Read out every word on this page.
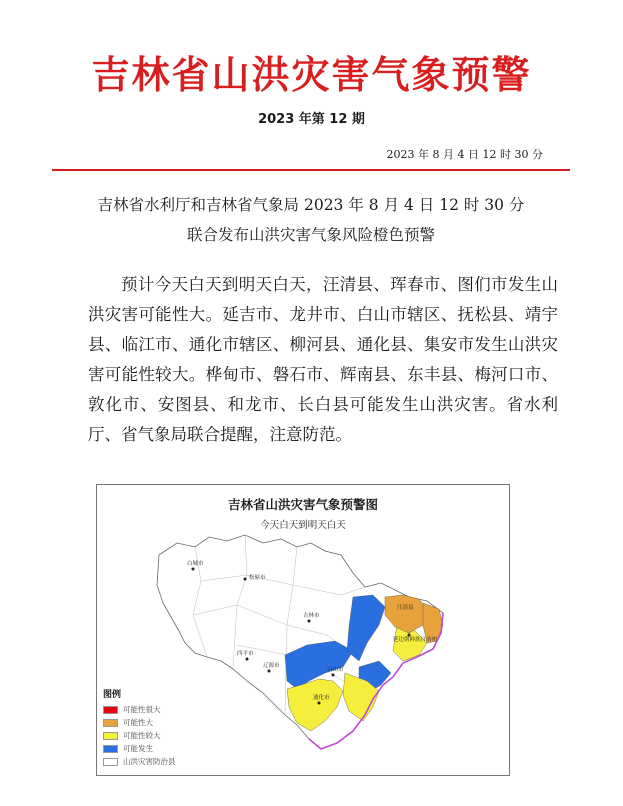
吉林省山洪灾害气象预警
2023 年第 12 期
2023 年 8 月 4 日 12 时 30 分
吉林省水利厅和吉林省气象局 2023 年 8 月 4 日 12 时 30 分
联合发布山洪灾害气象风险橙色预警

预计今天白天到明天白天，汪清县、珲春市、图们市发生山洪灾害可能性大。延吉市、龙井市、白山市辖区、抚松县、靖宇县、临江市、通化市辖区、柳河县、通化县、集安市发生山洪灾害可能性较大。桦甸市、磐石市、辉南县、东丰县、梅河口市、敦化市、安图县、和龙市、长白县可能发生山洪灾害。省水利厅、省气象局联合提醒，注意防范。

白城市
松原市
吉林市
四平市
辽源市
白山市
通化市
延边朝鲜族自治州
汪清县
吉林省山洪灾害气象预警图
今天白天到明天白天
图例
可能性很大
可能性大
可能性较大
可能发生
山洪灾害防治县
